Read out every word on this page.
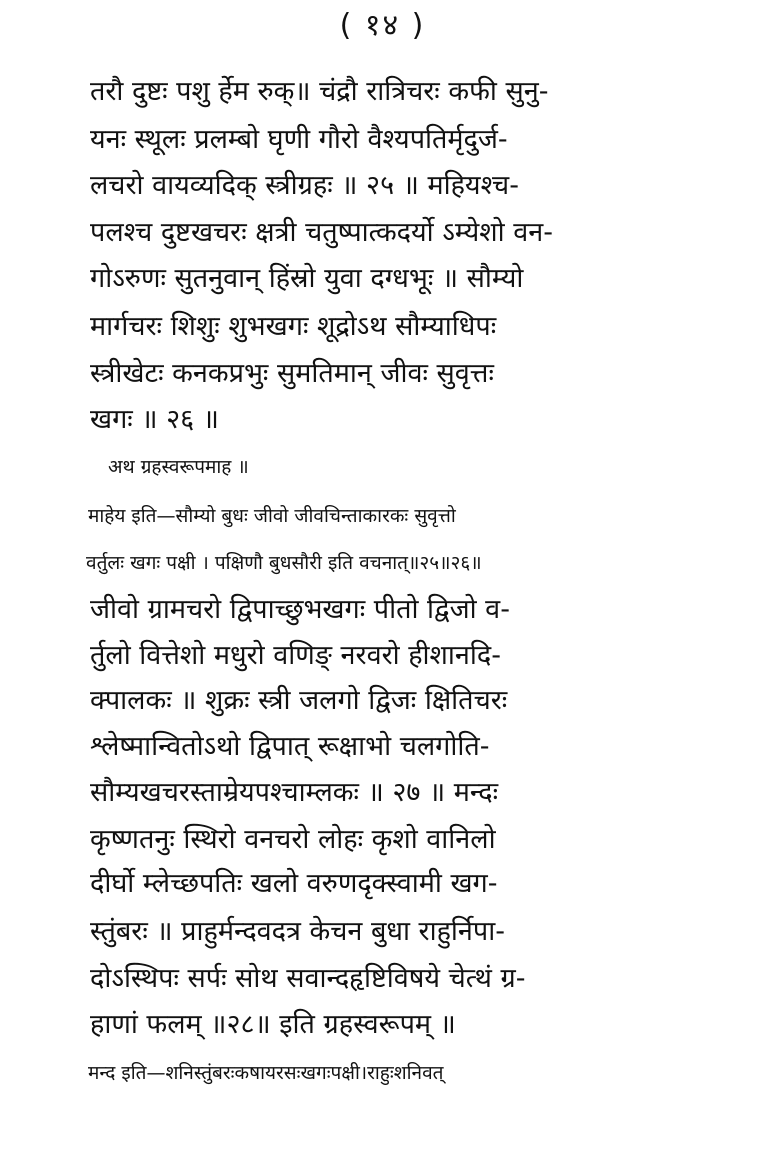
( १४ )
तरौ दुष्टः पशु र्हेम रुक्॥ चंद्रौ रात्रिचरः कफी सुनु-
यनः स्थूलः प्रलम्बो घृणी गौरो वैश्यपतिर्मृदुर्ज-
लचरो वायव्यदिक् स्त्रीग्रहः ॥ २५ ॥ महियश्च-
पलश्च दुष्टखचरः क्षत्री चतुष्पात्कदर्यो ऽम्येशो वन-
गोऽरुणः सुतनुवान् हिंस्रो युवा दग्धभूः ॥ सौम्यो
मार्गचरः शिशुः शुभखगः शूद्रोऽथ सौम्याधिपः
स्त्रीखेटः कनकप्रभुः सुमतिमान् जीवः सुवृत्तः
खगः ॥ २६ ॥
अथ ग्रहस्वरूपमाह ॥
माहेय इति—सौम्यो बुधः जीवो जीवचिन्ताकारकः सुवृत्तो
वर्तुलः खगः पक्षी । पक्षिणौ बुधसौरी इति वचनात्॥२५॥२६॥
जीवो ग्रामचरो द्विपाच्छुभखगः पीतो द्विजो व-
र्तुलो वित्तेशो मधुरो वणिङ् नरवरो हीशानदि-
क्पालकः ॥ शुक्रः स्त्री जलगो द्विजः क्षितिचरः
श्लेष्मान्वितोऽथो द्विपात् रूक्षाभो चलगोति-
सौम्यखचरस्ताम्रेयपश्चाम्लकः ॥ २७ ॥ मन्दः
कृष्णतनुः स्थिरो वनचरो लोहः कृशो वानिलो
दीर्घो म्लेच्छपतिः खलो वरुणदृक्स्वामी खग-
स्तुंबरः ॥ प्राहुर्मन्दवदत्र केचन बुधा राहुर्निपा-
दोऽस्थिपः सर्पः सोथ सवान्दहृष्टिविषये चेत्थं ग्र-
हाणां फलम् ॥२८॥ इति ग्रहस्वरूपम् ॥
मन्द इति—शनिस्तुंबरःकषायरसःखगःपक्षी।राहुःशनिवत्
